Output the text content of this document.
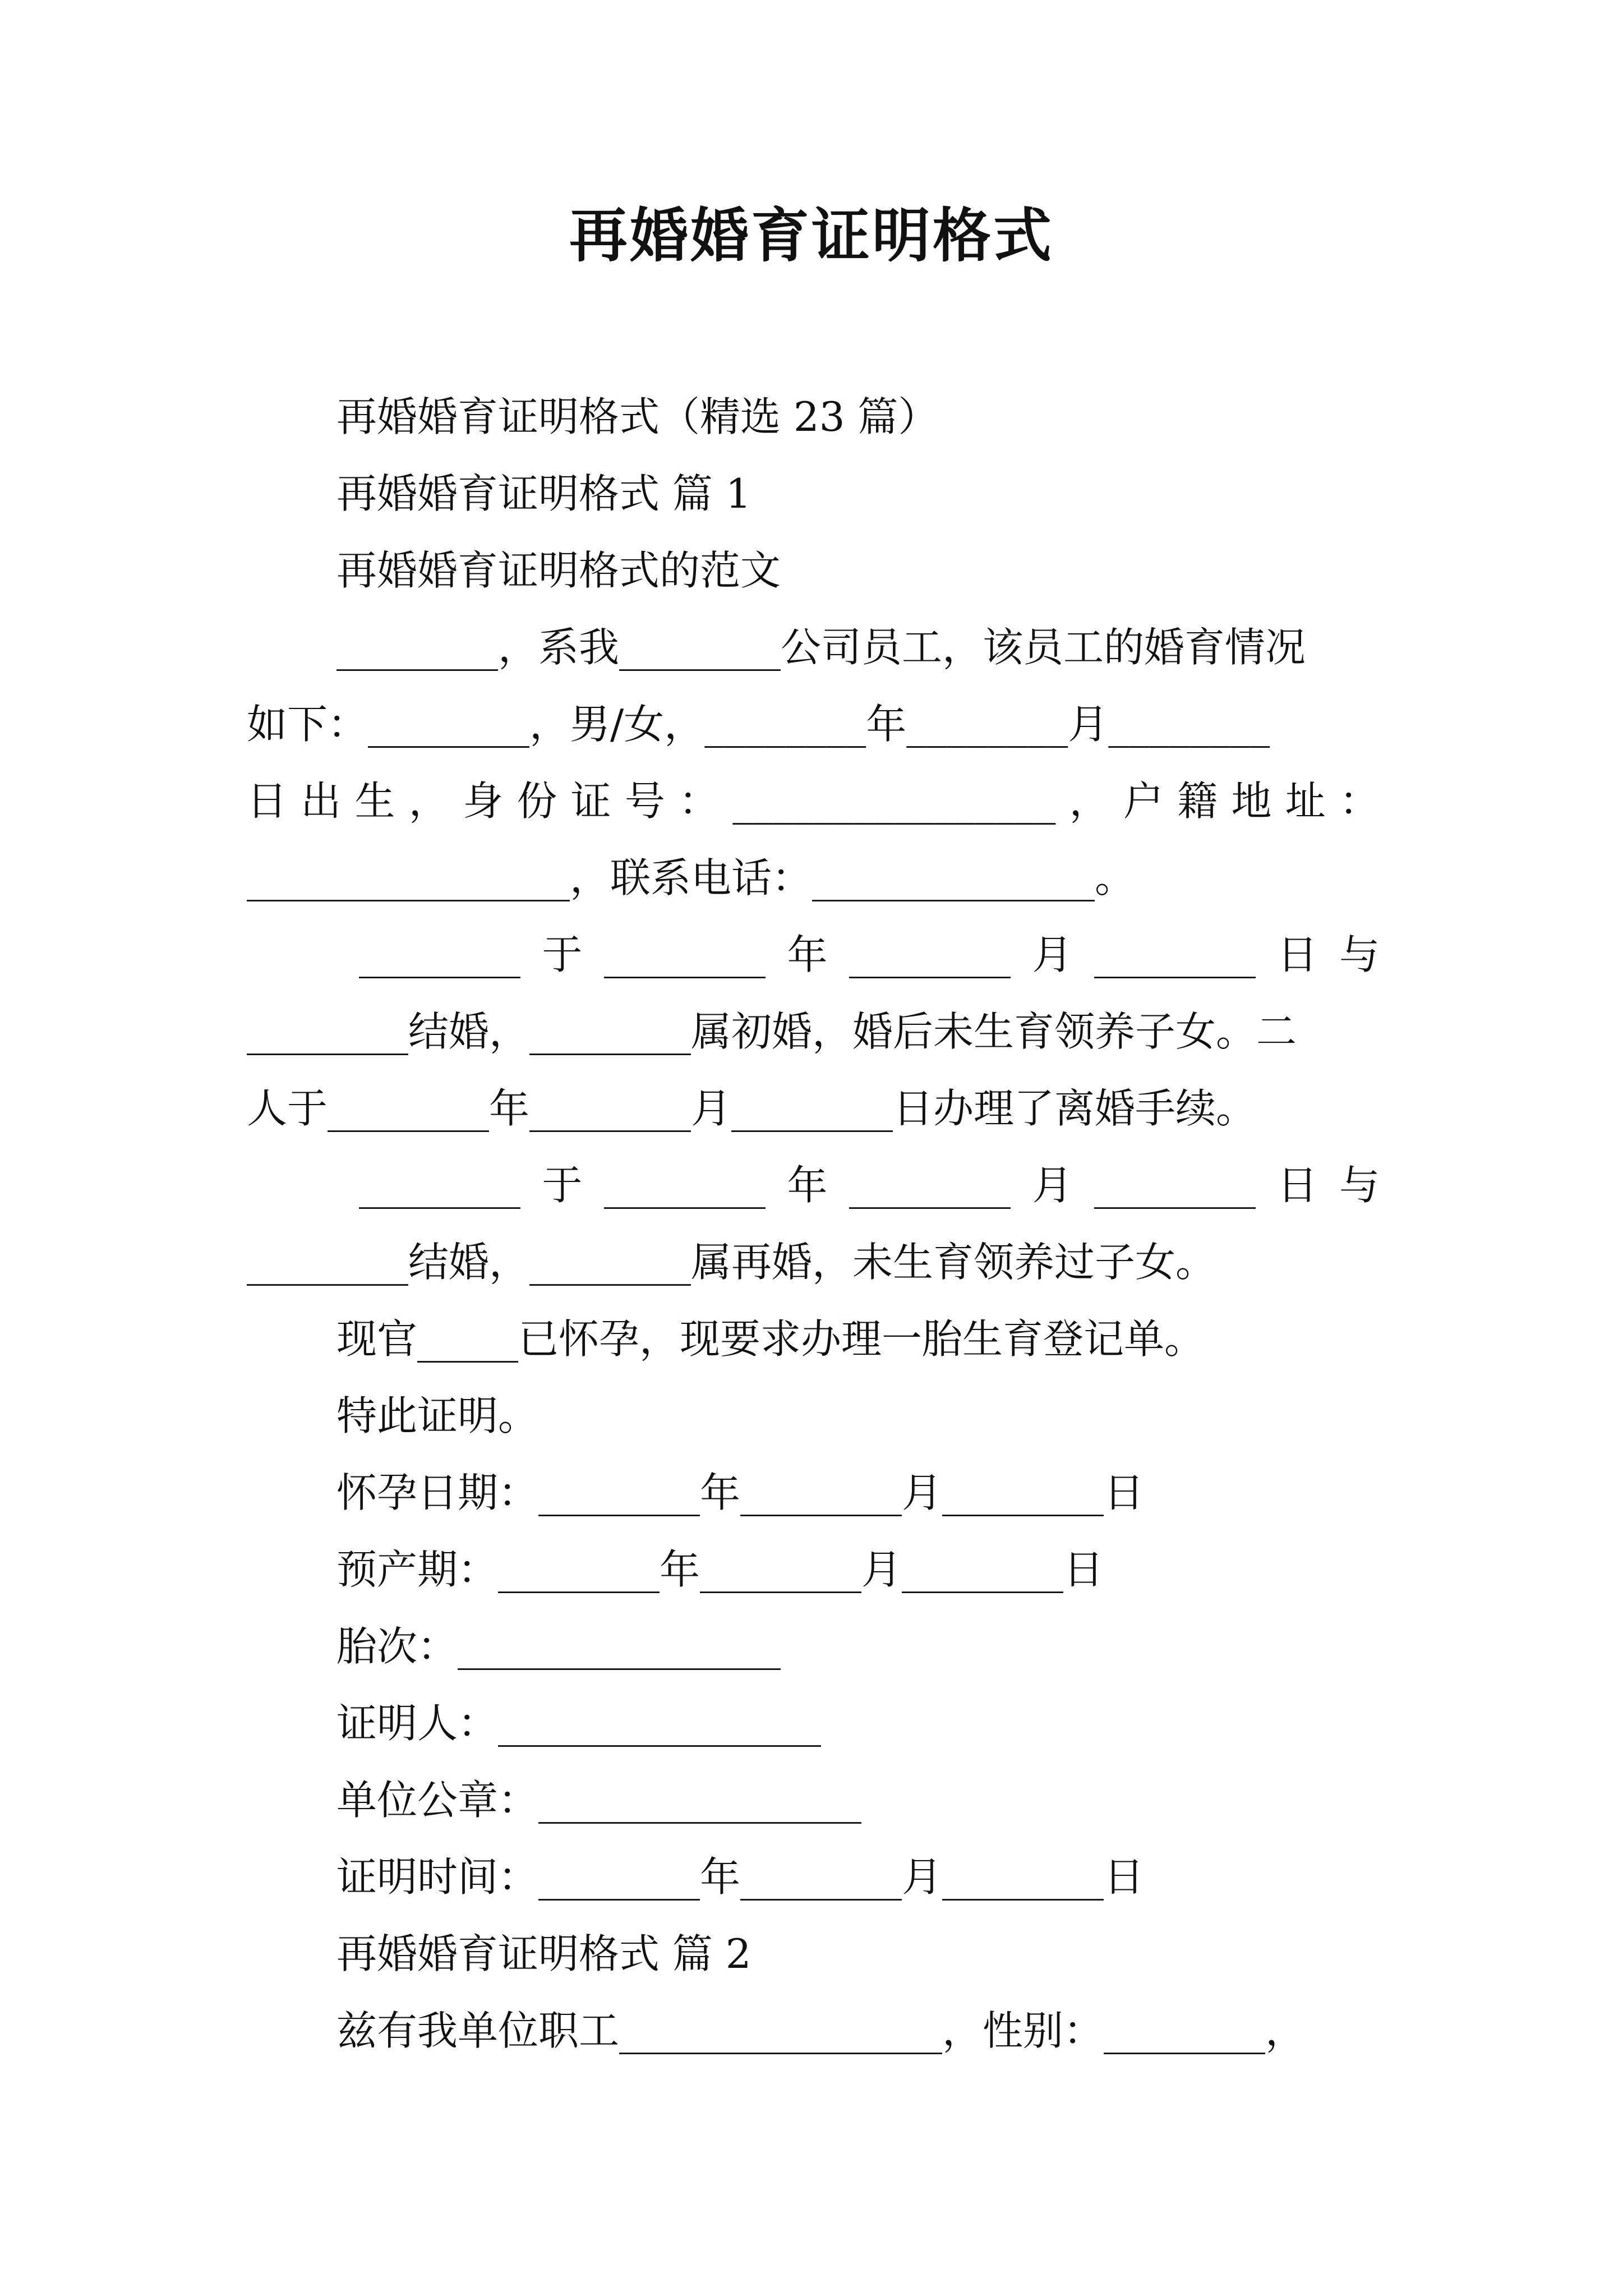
再婚婚育证明格式
再婚婚育证明格式（精选 23 篇）
再婚婚育证明格式 篇 1
再婚婚育证明格式的范文
________，系我________公司员工，该员工的婚育情况
如下：________，男/女，________年________月________
日 出 生 ， 身 份 证 号 ： ________________ ， 户 籍 地 址 ：
________________，联系电话：______________。
________ 于 ________ 年 ________ 月 ________ 日 与
________结婚，________属初婚，婚后未生育领养子女。二
人于________年________月________日办理了离婚手续。
________ 于 ________ 年 ________ 月 ________ 日 与
________结婚，________属再婚，未生育领养过子女。
现官_____已怀孕，现要求办理一胎生育登记单。
特此证明。
怀孕日期：________年________月________日
预产期：________年________月________日
胎次：________________
证明人：________________
单位公章：________________
证明时间：________年________月________日
再婚婚育证明格式 篇 2
兹有我单位职工________________，性别：________，
